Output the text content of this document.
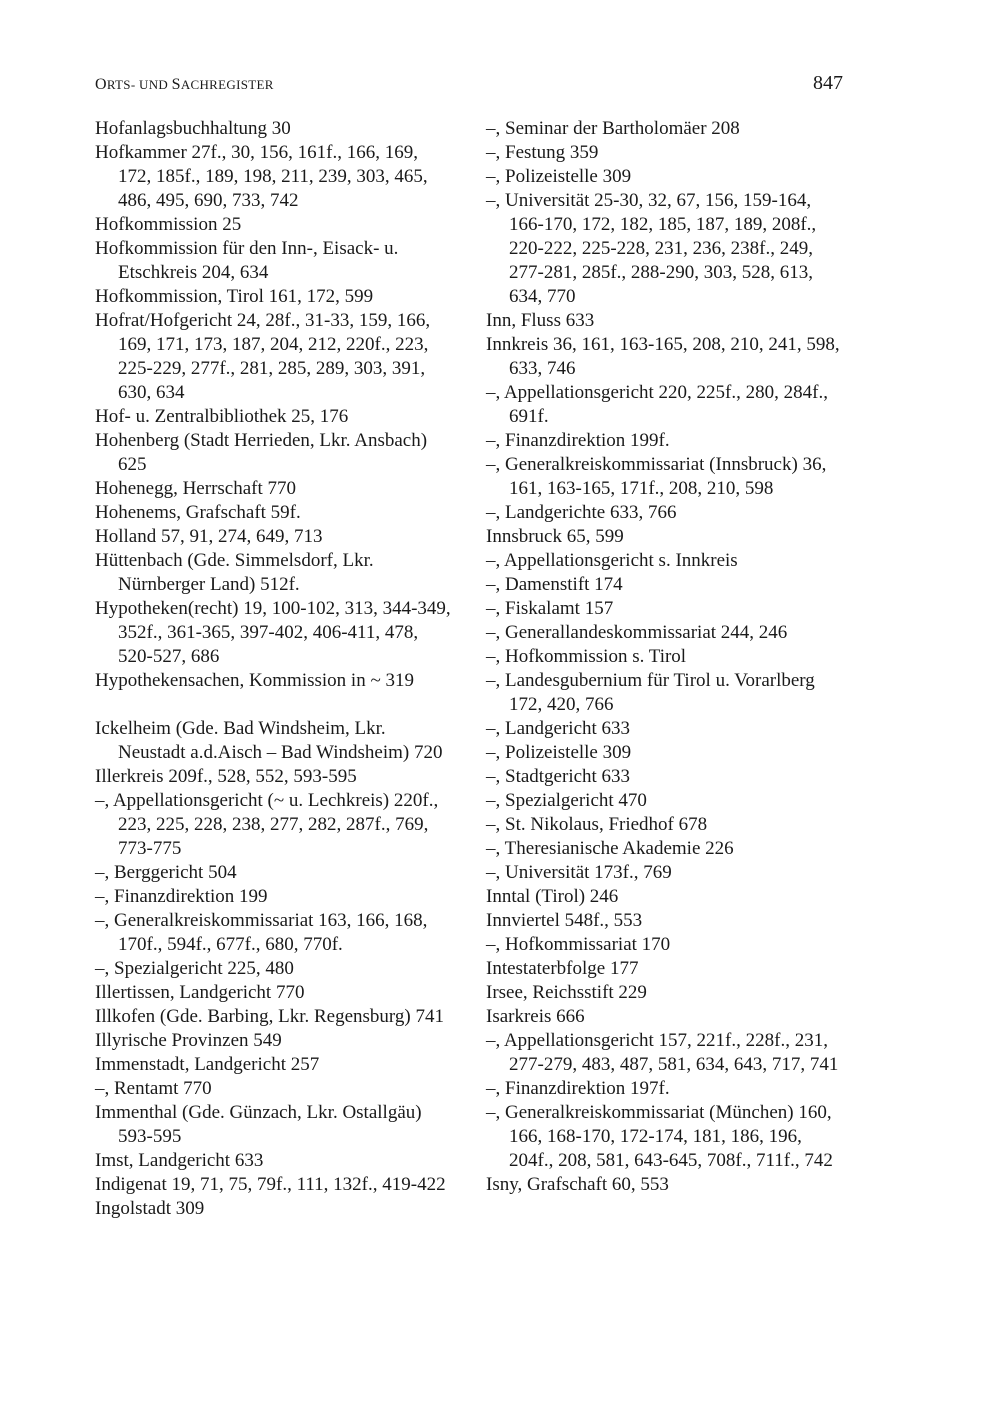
ORTS- UND SACHREGISTER	847

Hofanlagsbuchhaltung 30

Hofkammer 27f., 30, 156, 161f., 166, 169, 172, 185f., 189, 198, 211, 239, 303, 465, 486, 495, 690, 733, 742

Hofkommission 25

Hofkommission für den Inn-, Eisack- u. Etschkreis 204, 634

Hofkommission, Tirol 161, 172, 599

Hofrat/Hofgericht 24, 28f., 31-33, 159, 166, 169, 171, 173, 187, 204, 212, 220f., 223, 225-229, 277f., 281, 285, 289, 303, 391, 630, 634

Hof- u. Zentralbibliothek 25, 176

Hohenberg (Stadt Herrieden, Lkr. Ansbach) 625

Hohenegg, Herrschaft 770

Hohenems, Grafschaft 59f.

Holland 57, 91, 274, 649, 713

Hüttenbach (Gde. Simmelsdorf, Lkr. Nürnberger Land) 512f.

Hypotheken(recht) 19, 100-102, 313, 344-349, 352f., 361-365, 397-402, 406-411, 478, 520-527, 686

Hypothekensachen, Kommission in ~ 319

Ickelheim (Gde. Bad Windsheim, Lkr. Neustadt a.d.Aisch – Bad Windsheim) 720

Illerkreis 209f., 528, 552, 593-595

–, Appellationsgericht (~ u. Lechkreis) 220f., 223, 225, 228, 238, 277, 282, 287f., 769, 773-775

–, Berggericht 504

–, Finanzdirektion 199

–, Generalkreiskommissariat 163, 166, 168, 170f., 594f., 677f., 680, 770f.

–, Spezialgericht 225, 480

Illertissen, Landgericht 770

Illkofen (Gde. Barbing, Lkr. Regensburg) 741

Illyrische Provinzen 549

Immenstadt, Landgericht 257

–, Rentamt 770

Immenthal (Gde. Günzach, Lkr. Ostallgäu) 593-595

Imst, Landgericht 633

Indigenat 19, 71, 75, 79f., 111, 132f., 419-422

Ingolstadt 309

–, Seminar der Bartholomäer 208

–, Festung 359

–, Polizeistelle 309

–, Universität 25-30, 32, 67, 156, 159-164, 166-170, 172, 182, 185, 187, 189, 208f., 220-222, 225-228, 231, 236, 238f., 249, 277-281, 285f., 288-290, 303, 528, 613, 634, 770

Inn, Fluss 633

Innkreis 36, 161, 163-165, 208, 210, 241, 598, 633, 746

–, Appellationsgericht 220, 225f., 280, 284f., 691f.

–, Finanzdirektion 199f.

–, Generalkreiskommissariat (Innsbruck) 36, 161, 163-165, 171f., 208, 210, 598

–, Landgerichte 633, 766

Innsbruck 65, 599

–, Appellationsgericht s. Innkreis

–, Damenstift 174

–, Fiskalamt 157

–, Generallandeskommissariat 244, 246

–, Hofkommission s. Tirol

–, Landesgubernium für Tirol u. Vorarlberg 172, 420, 766

–, Landgericht 633

–, Polizeistelle 309

–, Stadtgericht 633

–, Spezialgericht 470

–, St. Nikolaus, Friedhof 678

–, Theresianische Akademie 226

–, Universität 173f., 769

Inntal (Tirol) 246

Innviertel 548f., 553

–, Hofkommissariat 170

Intestaterbfolge 177

Irsee, Reichsstift 229

Isarkreis 666

–, Appellationsgericht 157, 221f., 228f., 231, 277-279, 483, 487, 581, 634, 643, 717, 741

–, Finanzdirektion 197f.

–, Generalkreiskommissariat (München) 160, 166, 168-170, 172-174, 181, 186, 196, 204f., 208, 581, 643-645, 708f., 711f., 742

Isny, Grafschaft 60, 553
